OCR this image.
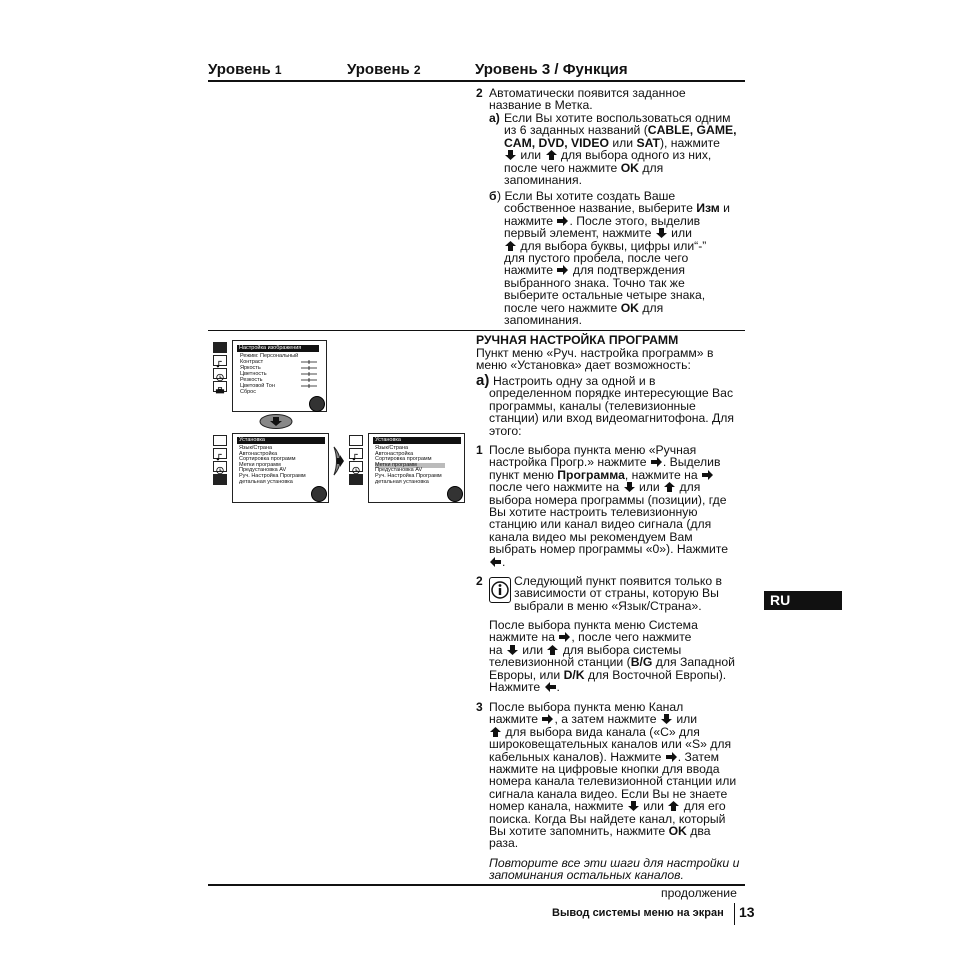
Уровень 1	Уровень 2	Уровень 3 / Функция
2 Автоматически появится заданное
название в Метка.
а) Если Вы хотите воспользоваться одним
из 6 заданных названий (CABLE, GAME,
CAM, DVD, VIDEO или SAT), нажмите
или для выбора одного из них,
после чего нажмите OK для
запоминания.
б ) Если Вы хотите создать Ваше
собственное название, выберите Изм и
нажмите . После этого, выделив
первый элемент, нажмите или
для выбора буквы, цифры или“-”
для пустого пробела, после чего
нажмите для подтверждения
выбранного знака. Точно так же
выберите остальные четыре знака,
после чего нажмите OK для
запоминания.
РУЧНАЯ НАСТРОЙКА ПРОГРАММ
Пункт меню «Руч. настройка программ» в
меню «Установка» дает возможность:
a) Настроить одну за одной и в
определенном порядке интересующие Вас
программы, каналы (телевизионные
станции) или вход видеомагнитофона. Для
этого:
1 После выбора пункта меню «Ручная
настройка Прогр.» нажмите . Выделив
пункт меню Программа, нажмите на
после чего нажмите на или для
выбора номера программы (позиции), где
Вы хотите настроить телевизионную
станцию или канал видео сигнала (для
канала видео мы рекомендуем Вам
выбрать номер программы «0»). Нажмите
.
2	Следующий пункт появится только в
зависимости от страны, которую Вы
выбрали в меню «Язык/Страна».
После выбора пункта меню Система
нажмите на , после чего нажмите
на или для выбора системы
телевизионной станции (B/G для Западной
Евроры, или D/K для Восточной Европы).
Нажмите .
3 После выбора пункта меню Канал
нажмите , а затем нажмите или
для выбора вида канала («C» для
широковещательных каналов или «S» для
кабельных каналов). Нажмите . Затем
нажмите на цифровые кнопки для ввода
номера канала телевизионной станции или
сигнала канала видео. Если Вы не знаете
номер канала, нажмите или для его
поиска. Когда Вы найдете канал, который
Вы хотите запомнить, нажмите OK два
раза.
Повторите все эти шаги для настройки и
запоминания остальных каналов.
продолжение
Вывод системы меню на экран 13
RU
Настройка изображения
Режим: Персональный
Контраст
Яркость
Цветность
Резкость
Цветовой Тон
Сброс
Установка
Язык/Страна
Автонастройка
Сортировка программ
Метки программ
Предустановка AV
Руч. Настройка Программ
детальная установка
Установка
Язык/Страна
Автонастройка
Сортировка программ
Метки программ
Предустановка AV
Руч. Настройка Программ
детальная установка
